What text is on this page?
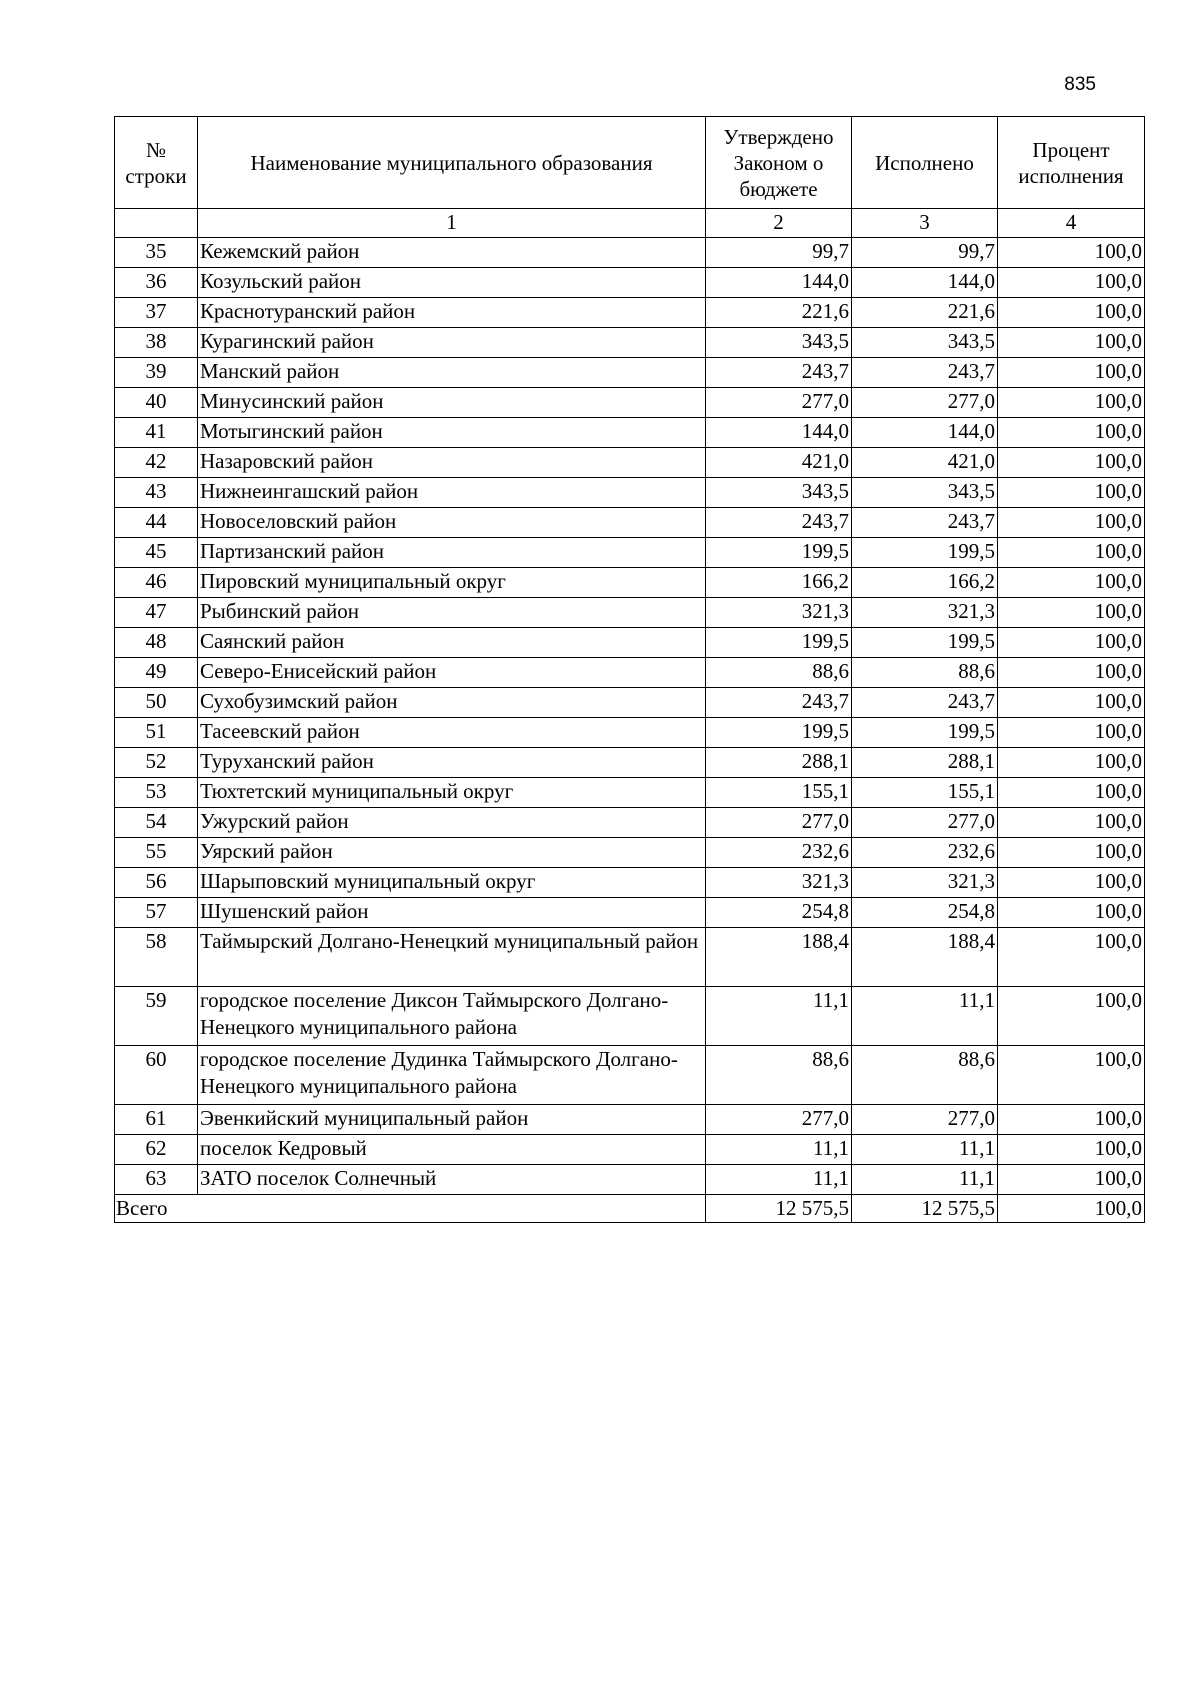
835
№ строки	Наименование муниципального образования	Утверждено Законом о бюджете	Исполнено	Процент исполнения
	1	2	3	4
35	Кежемский район	99,7	99,7	100,0
36	Козульский район	144,0	144,0	100,0
37	Краснотуранский район	221,6	221,6	100,0
38	Курагинский район	343,5	343,5	100,0
39	Манский район	243,7	243,7	100,0
40	Минусинский район	277,0	277,0	100,0
41	Мотыгинский район	144,0	144,0	100,0
42	Назаровский район	421,0	421,0	100,0
43	Нижнеингашский район	343,5	343,5	100,0
44	Новоселовский район	243,7	243,7	100,0
45	Партизанский район	199,5	199,5	100,0
46	Пировский муниципальный округ	166,2	166,2	100,0
47	Рыбинский район	321,3	321,3	100,0
48	Саянский район	199,5	199,5	100,0
49	Северо-Енисейский район	88,6	88,6	100,0
50	Сухобузимский район	243,7	243,7	100,0
51	Тасеевский район	199,5	199,5	100,0
52	Туруханский район	288,1	288,1	100,0
53	Тюхтетский муниципальный округ	155,1	155,1	100,0
54	Ужурский район	277,0	277,0	100,0
55	Уярский район	232,6	232,6	100,0
56	Шарыповский муниципальный округ	321,3	321,3	100,0
57	Шушенский район	254,8	254,8	100,0
58	Таймырский Долгано-Ненецкий муниципальный район	188,4	188,4	100,0
59	городское поселение Диксон Таймырского Долгано-Ненецкого муниципального района	11,1	11,1	100,0
60	городское поселение Дудинка Таймырского Долгано-Ненецкого муниципального района	88,6	88,6	100,0
61	Эвенкийский муниципальный район	277,0	277,0	100,0
62	поселок Кедровый	11,1	11,1	100,0
63	ЗАТО поселок Солнечный	11,1	11,1	100,0
Всего		12 575,5	12 575,5	100,0
